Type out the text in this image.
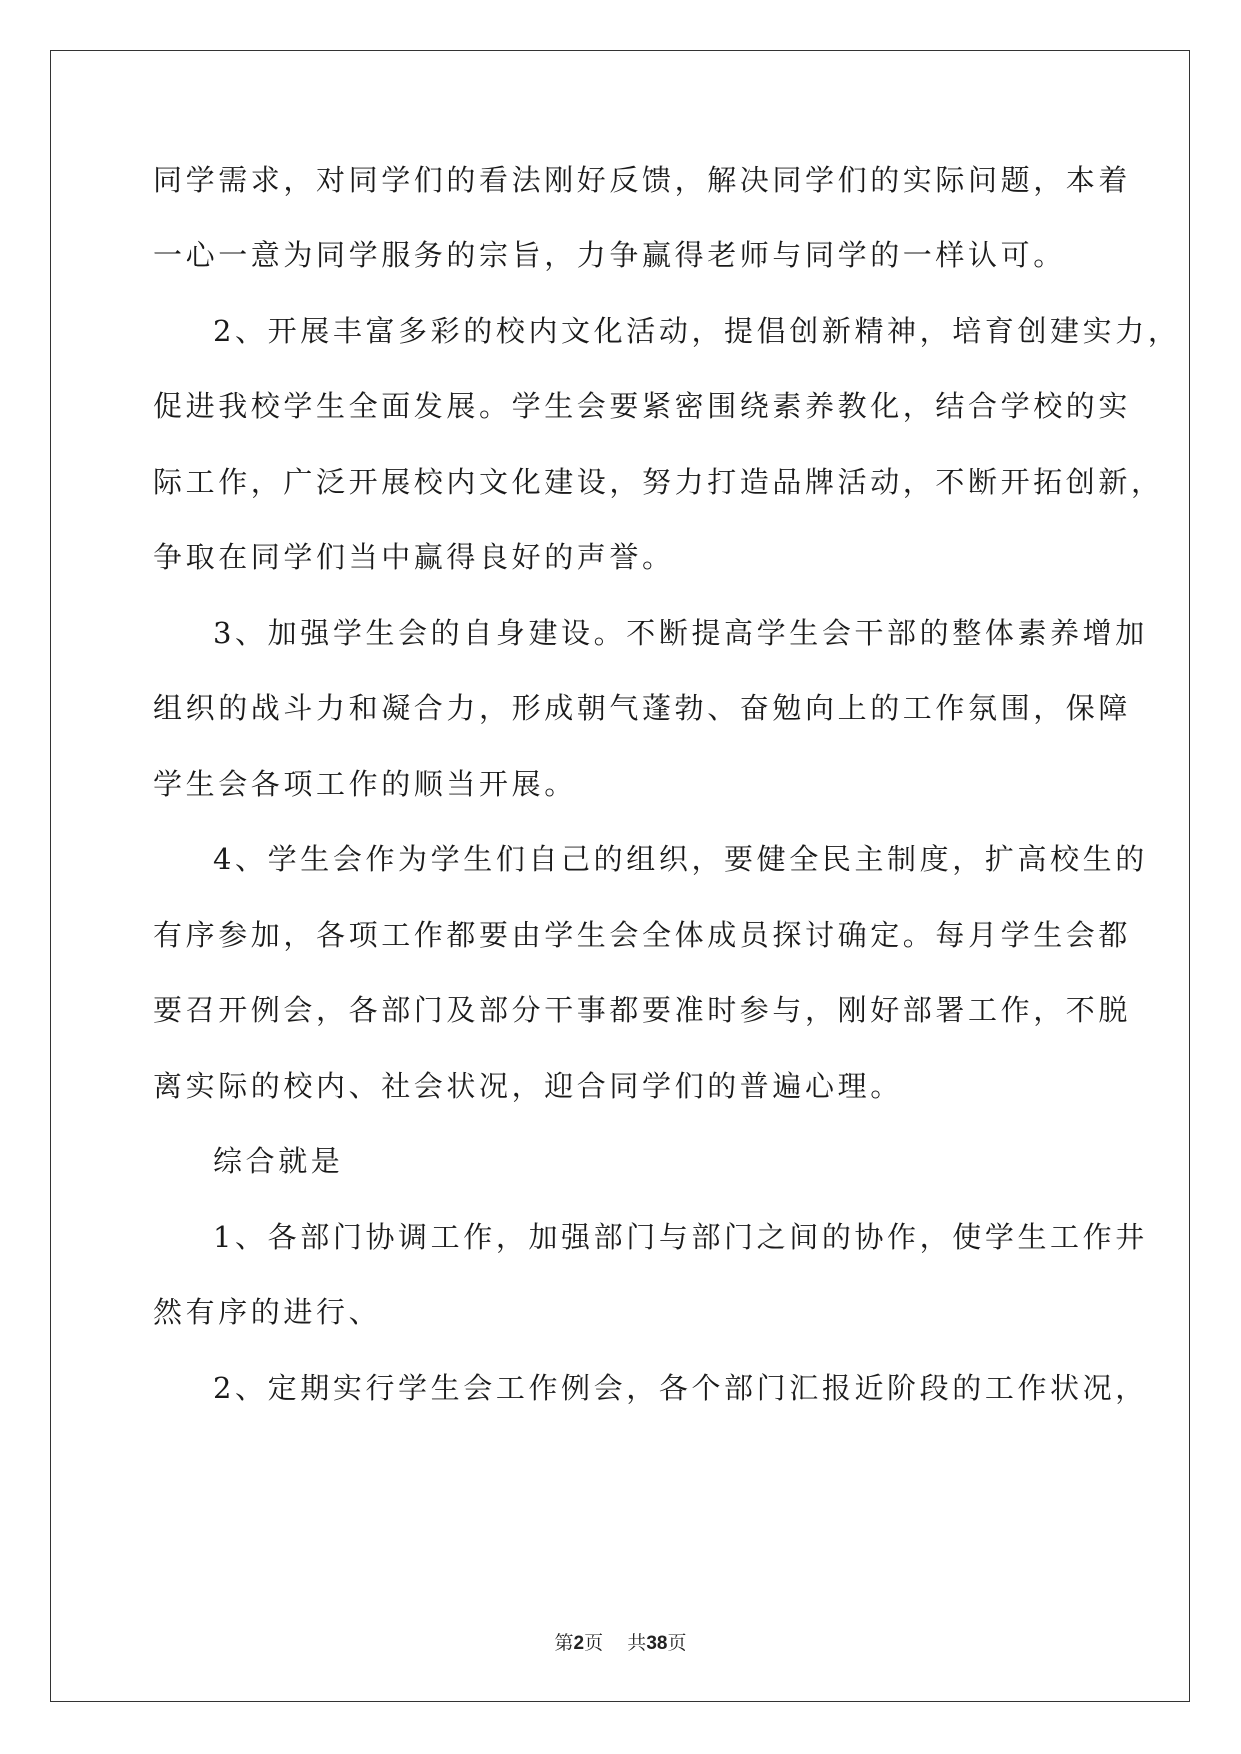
同学需求，对同学们的看法刚好反馈，解决同学们的实际问题，本着
一心一意为同学服务的宗旨，力争赢得老师与同学的一样认可。
2、开展丰富多彩的校内文化活动，提倡创新精神，培育创建实力，
促进我校学生全面发展。学生会要紧密围绕素养教化，结合学校的实
际工作，广泛开展校内文化建设，努力打造品牌活动，不断开拓创新，
争取在同学们当中赢得良好的声誉。
3、加强学生会的自身建设。不断提高学生会干部的整体素养增加
组织的战斗力和凝合力，形成朝气蓬勃、奋勉向上的工作氛围，保障
学生会各项工作的顺当开展。
4、学生会作为学生们自己的组织，要健全民主制度，扩高校生的
有序参加，各项工作都要由学生会全体成员探讨确定。每月学生会都
要召开例会，各部门及部分干事都要准时参与，刚好部署工作，不脱
离实际的校内、社会状况，迎合同学们的普遍心理。
综合就是
1、各部门协调工作，加强部门与部门之间的协作，使学生工作井
然有序的进行、
2、定期实行学生会工作例会，各个部门汇报近阶段的工作状况，
第2页 共38页
